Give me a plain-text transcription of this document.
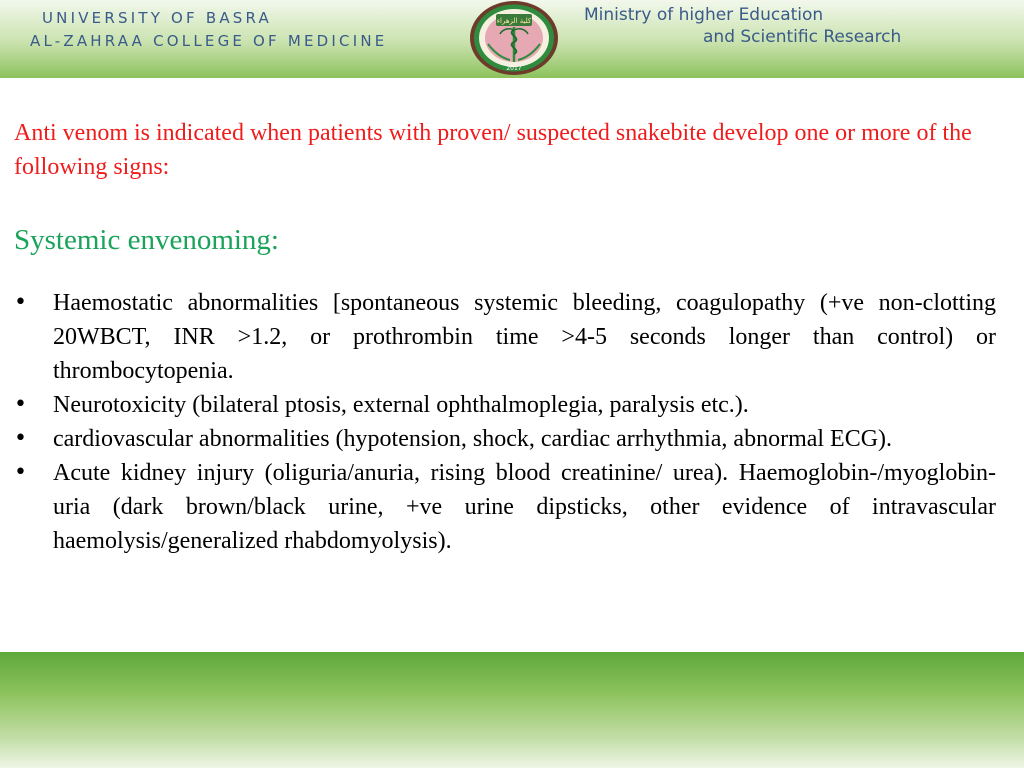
UNIVERSITY OF BASRA
AL-ZAHRAA COLLEGE OF MEDICINE
كلية الزهراء
2017
Ministry of higher Education
and Scientific Research

Anti venom is indicated when patients with proven/ suspected snakebite develop one or more of the following signs:

Systemic envenoming:
• Haemostatic abnormalities [spontaneous systemic bleeding, coagulopathy (+ve non-clotting 20WBCT, INR >1.2, or prothrombin time >4-5 seconds longer than control) or thrombocytopenia.
• Neurotoxicity (bilateral ptosis, external ophthalmoplegia, paralysis etc.).
• cardiovascular abnormalities (hypotension, shock, cardiac arrhythmia, abnormal ECG).
• Acute kidney injury (oliguria/anuria, rising blood creatinine/ urea). Haemoglobin-/myoglobin-uria (dark brown/black urine, +ve urine dipsticks, other evidence of intravascular haemolysis/generalized rhabdomyolysis).
